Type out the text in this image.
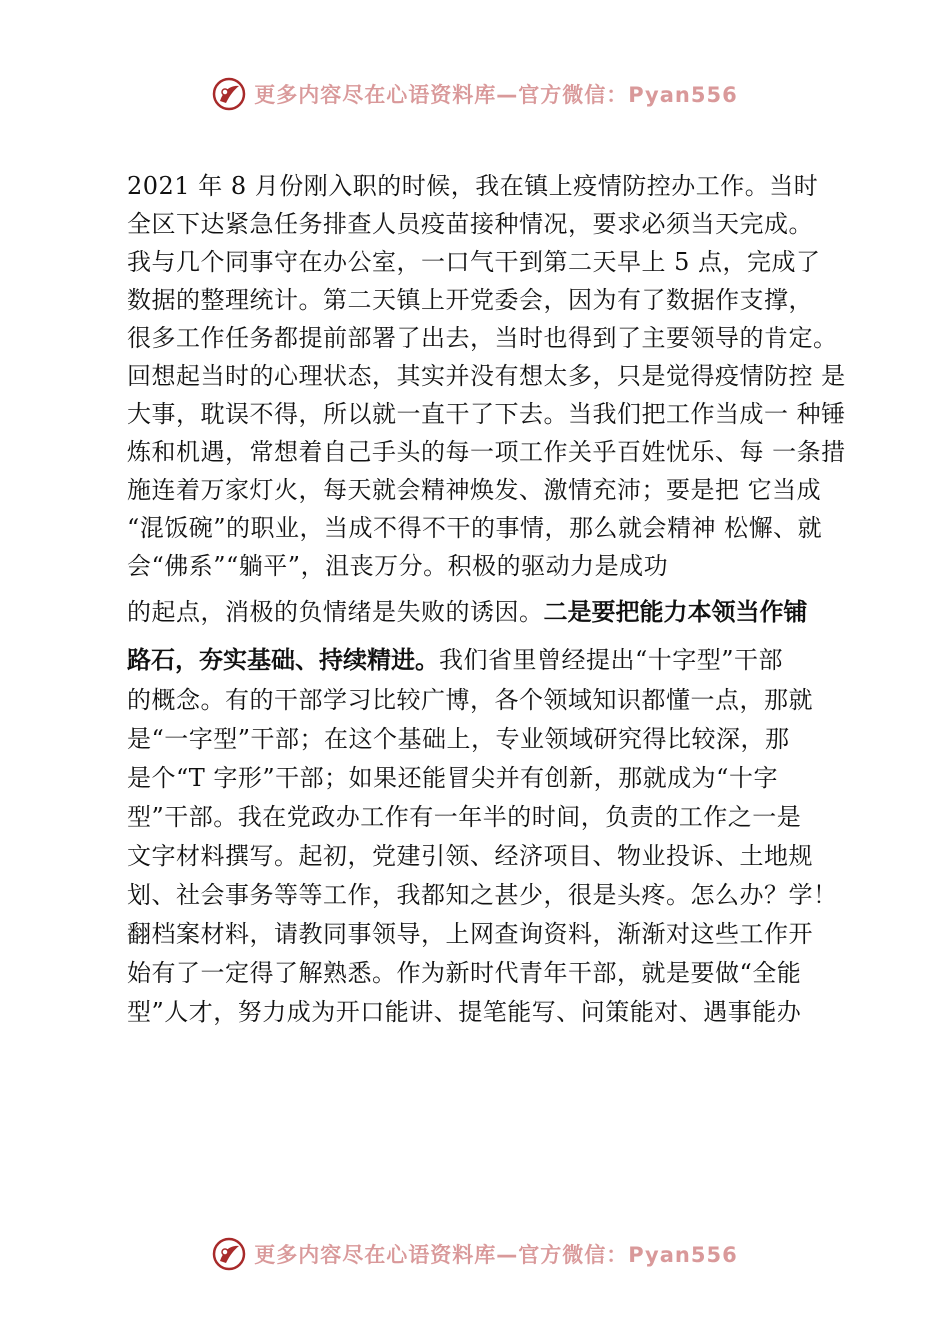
更多内容尽在心语资料库—官方微信：Pyan556
2021 年 8 月份刚入职的时候，我在镇上疫情防控办工作。当时
全区下达紧急任务排查人员疫苗接种情况，要求必须当天完成。
我与几个同事守在办公室，一口气干到第二天早上 5 点，完成了
数据的整理统计。第二天镇上开党委会，因为有了数据作支撑，
很多工作任务都提前部署了出去，当时也得到了主要领导的肯定。
回想起当时的心理状态，其实并没有想太多，只是觉得疫情防控 是
大事，耽误不得，所以就一直干了下去。当我们把工作当成一 种锤
炼和机遇，常想着自己手头的每一项工作关乎百姓忧乐、每 一条措
施连着万家灯火，每天就会精神焕发、激情充沛；要是把 它当成
“混饭碗”的职业，当成不得不干的事情，那么就会精神 松懈、就
会“佛系”“躺平”，沮丧万分。积极的驱动力是成功
的起点，消极的负情绪是失败的诱因。二是要把能力本领当作铺
路石，夯实基础、持续精进。我们省里曾经提出“十字型”干部
的概念。有的干部学习比较广博，各个领域知识都懂一点，那就
是“一字型”干部；在这个基础上，专业领域研究得比较深，那
是个“T 字形”干部；如果还能冒尖并有创新，那就成为“十字
型”干部。我在党政办工作有一年半的时间，负责的工作之一是
文字材料撰写。起初，党建引领、经济项目、物业投诉、土地规
划、社会事务等等工作，我都知之甚少，很是头疼。怎么办？学！
翻档案材料，请教同事领导，上网查询资料，渐渐对这些工作开
始有了一定得了解熟悉。作为新时代青年干部，就是要做“全能
型”人才，努力成为开口能讲、提笔能写、问策能对、遇事能办
更多内容尽在心语资料库—官方微信：Pyan556
